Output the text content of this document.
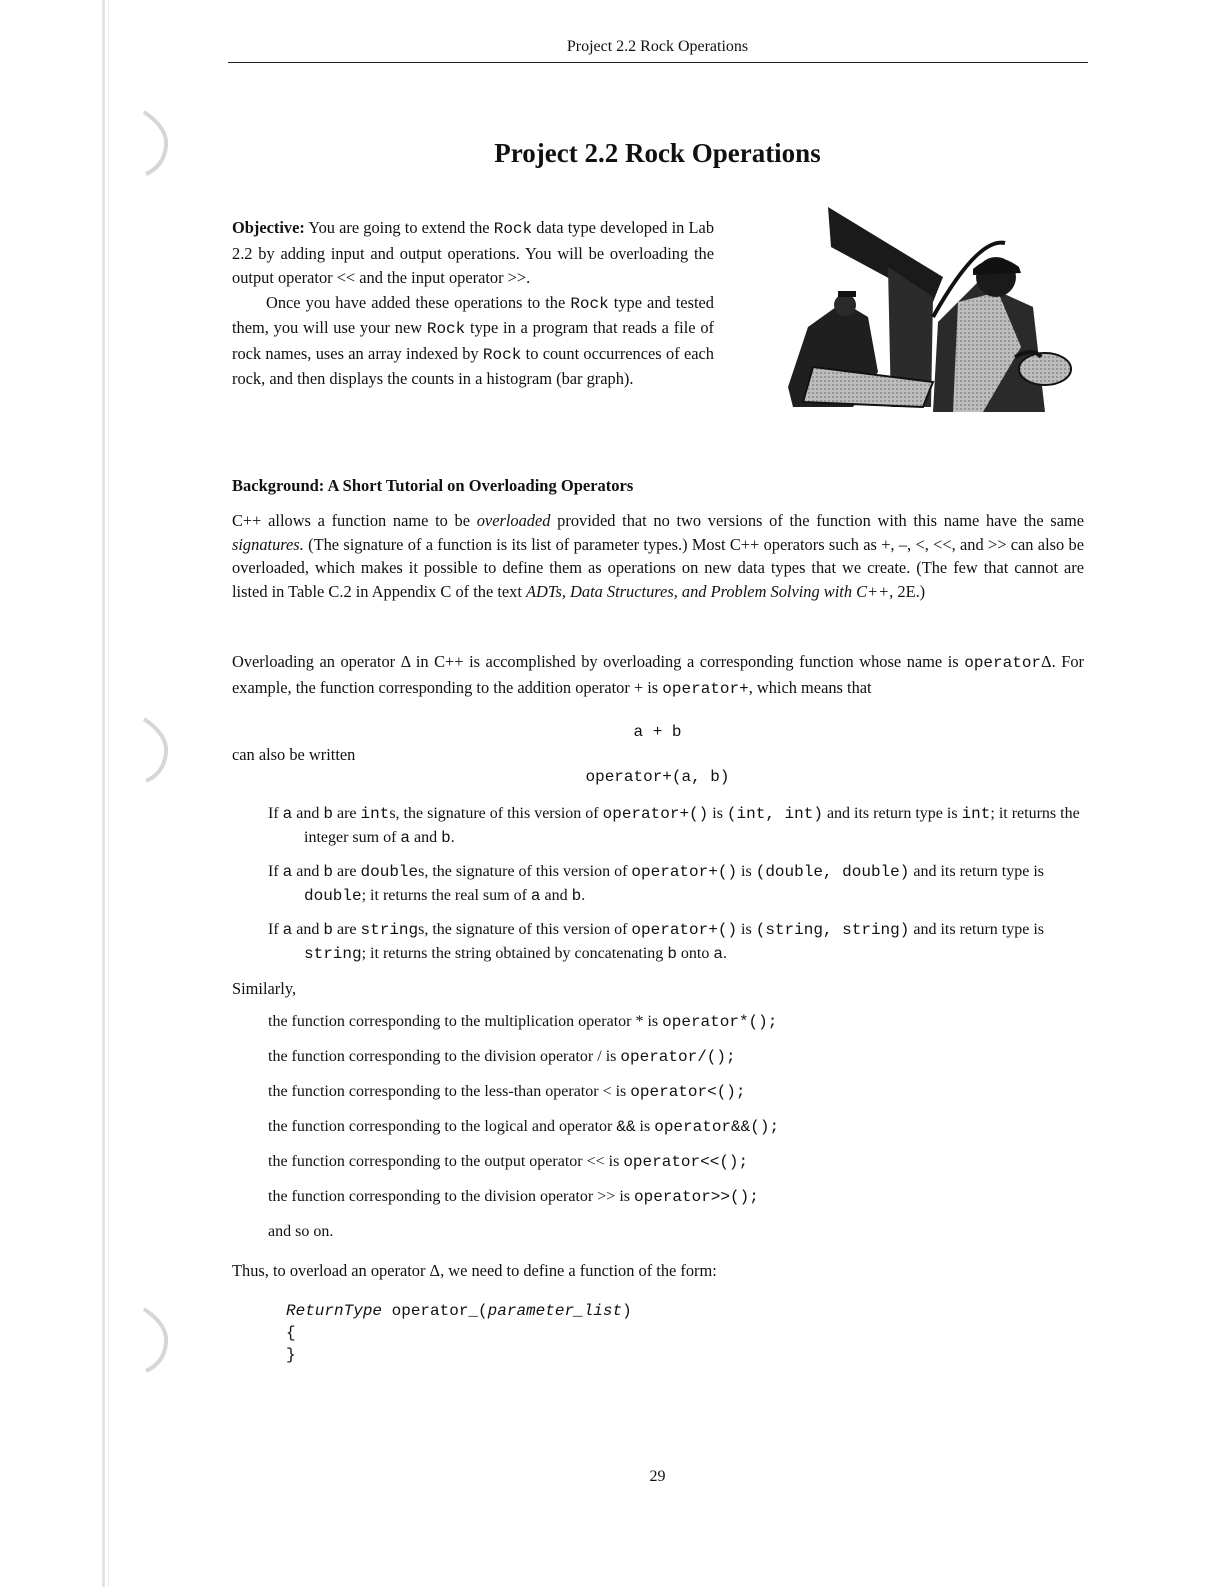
Project 2.2 Rock Operations
Project 2.2 Rock Operations

Objective: You are going to extend the Rock data type developed in Lab 2.2 by adding input and output operations. You will be overloading the output operator << and the input operator >>.

Once you have added these operations to the Rock type and tested them, you will use your new Rock type in a program that reads a file of rock names, uses an array indexed by Rock to count occurrences of each rock, and then displays the counts in a histogram (bar graph).

Background: A Short Tutorial on Overloading Operators

C++ allows a function name to be overloaded provided that no two versions of the function with this name have the same signatures. (The signature of a function is its list of parameter types.) Most C++ operators such as +, –, <, <<, and >> can also be overloaded, which makes it possible to define them as operations on new data types that we create. (The few that cannot are listed in Table C.2 in Appendix C of the text ADTs, Data Structures, and Problem Solving with C++, 2E.)

Overloading an operator Δ in C++ is accomplished by overloading a corresponding function whose name is operatorΔ. For example, the function corresponding to the addition operator + is operator+, which means that

a + b
can also be written
operator+(a, b)
If a and b are ints, the signature of this version of operator+() is (int, int) and its return type is int; it returns the integer sum of a and b.
If a and b are doubles, the signature of this version of operator+() is (double, double) and its return type is double; it returns the real sum of a and b.
If a and b are strings, the signature of this version of operator+() is (string, string) and its return type is string; it returns the string obtained by concatenating b onto a.
Similarly,
the function corresponding to the multiplication operator * is operator*();
the function corresponding to the division operator / is operator/();
the function corresponding to the less-than operator < is operator<();
the function corresponding to the logical and operator && is operator&&();
the function corresponding to the output operator << is operator<<();
the function corresponding to the division operator >> is operator>>();
and so on.
Thus, to overload an operator Δ, we need to define a function of the form:
ReturnType operator_(parameter_list)
{
}
29
